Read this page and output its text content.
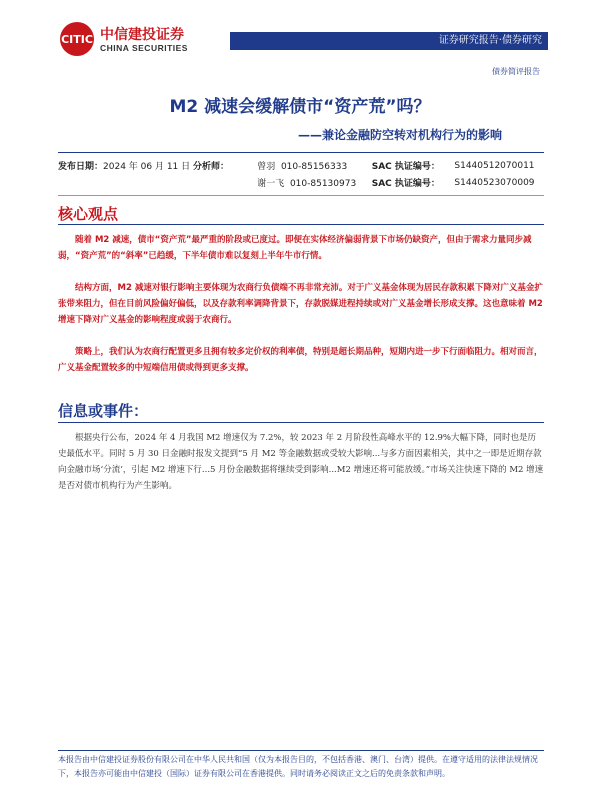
CITIC 中信建投证券
CHINA SECURITIES
证券研究报告·债券研究
债券简评报告
M2 减速会缓解债市“资产荒”吗？
——兼论金融防空转对机构行为的影响
发布日期：2024 年 06 月 11 日 分析师：	曾羽 010-85156333	SAC 执证编号：	S1440512070011
谢一飞 010-85130973	SAC 执证编号：	S1440523070009
核心观点

随着 M2 减速，债市“资产荒”最严重的阶段或已度过。即便在实体经济偏弱背景下市场仍缺资产，但由于需求力量同步减弱，“资产荒”的“斜率”已趋缓，下半年债市难以复刻上半年牛市行情。

结构方面，M2 减速对银行影响主要体现为农商行负债端不再非常充沛。对于广义基金体现为居民存款积累下降对广义基金扩张带来阻力，但在目前风险偏好偏低，以及存款利率调降背景下，存款脱媒进程持续或对广义基金增长形成支撑。这也意味着 M2 增速下降对广义基金的影响程度或弱于农商行。

策略上，我们认为农商行配置更多且拥有较多定价权的利率债，特别是超长期品种，短期内进一步下行面临阻力。相对而言，广义基金配置较多的中短端信用债或得到更多支撑。

信息或事件：

根据央行公布，2024 年 4 月我国 M2 增速仅为 7.2%，较 2023 年 2 月阶段性高峰水平的 12.9%大幅下降，同时也是历史最低水平。同时 5 月 30 日金融时报发文提到“5 月 M2 等金融数据或受较大影响...与多方面因素相关，其中之一即是近期存款向金融市场‘分流’，引起 M2 增速下行...5 月份金融数据将继续受到影响...M2 增速还将可能放缓。”市场关注快速下降的 M2 增速是否对债市机构行为产生影响。

本报告由中信建投证券股份有限公司在中华人民共和国（仅为本报告目的，不包括香港、澳门、台湾）提供。在遵守适用的法律法规情况下，本报告亦可能由中信建投（国际）证券有限公司在香港提供。同时请务必阅读正文之后的免责条款和声明。
